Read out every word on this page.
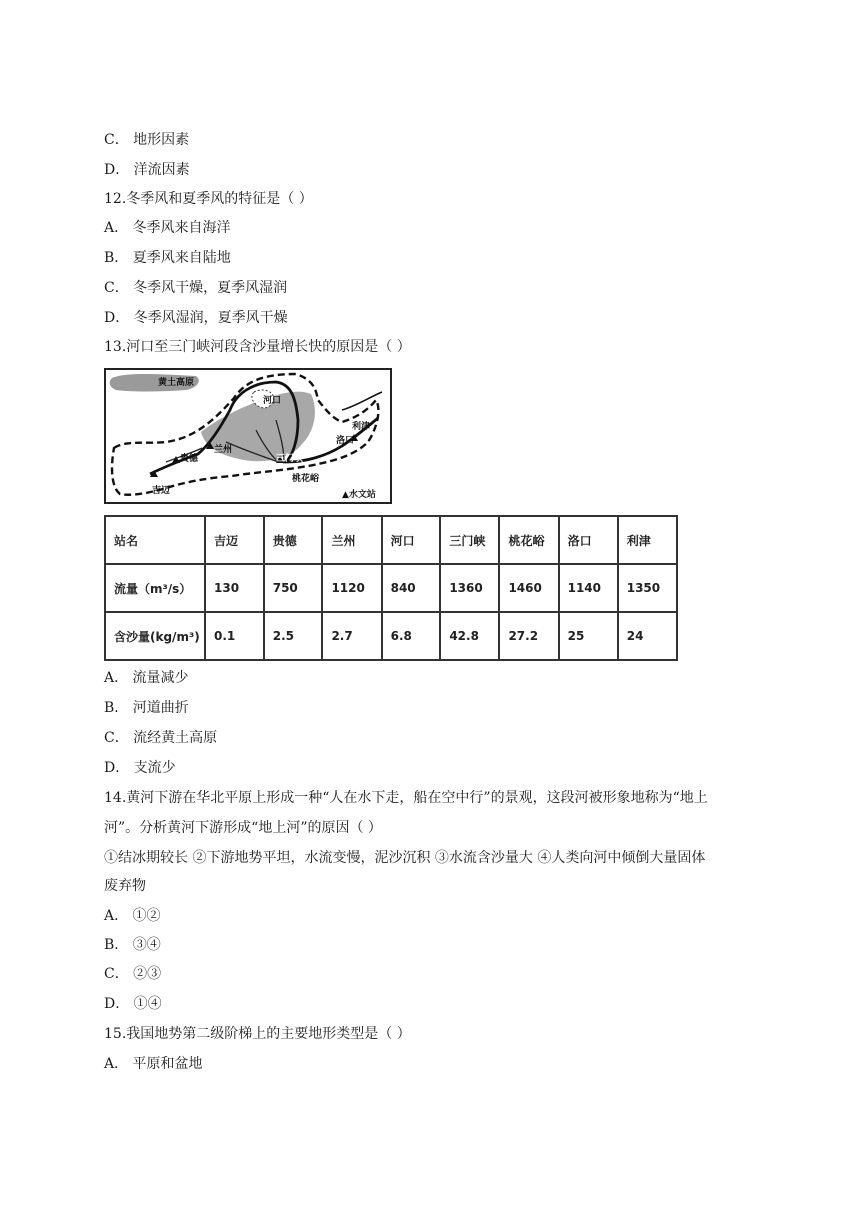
C． 地形因素
D． 洋流因素
12.冬季风和夏季风的特征是（ ）
A． 冬季风来自海洋
B． 夏季风来自陆地
C． 冬季风干燥，夏季风湿润
D． 冬季风湿润，夏季风干燥
13.河口至三门峡河段含沙量增长快的原因是（ ）
黄土高原
河口
兰州
贵德	三门峡
利津
洛口
吉迈
桃花峪
▲水文站
站名	吉迈	贵德	兰州	河口	三门峡	桃花峪	洛口	利津
流量（m³/s）	130	750	1120	840	1360	1460	1140	1350
含沙量(kg/m³)	0.1	2.5	2.7	6.8	42.8	27.2	25	24
A． 流量减少
B． 河道曲折
C． 流经黄土高原
D． 支流少
14.黄河下游在华北平原上形成一种“人在水下走，船在空中行”的景观，这段河被形象地称为“地上
河”。分析黄河下游形成“地上河”的原因（ ）
①结冰期较长 ②下游地势平坦，水流变慢，泥沙沉积 ③水流含沙量大 ④人类向河中倾倒大量固体
废弃物
A． ①②
B． ③④
C． ②③
D． ①④
15.我国地势第二级阶梯上的主要地形类型是（ ）
A． 平原和盆地
